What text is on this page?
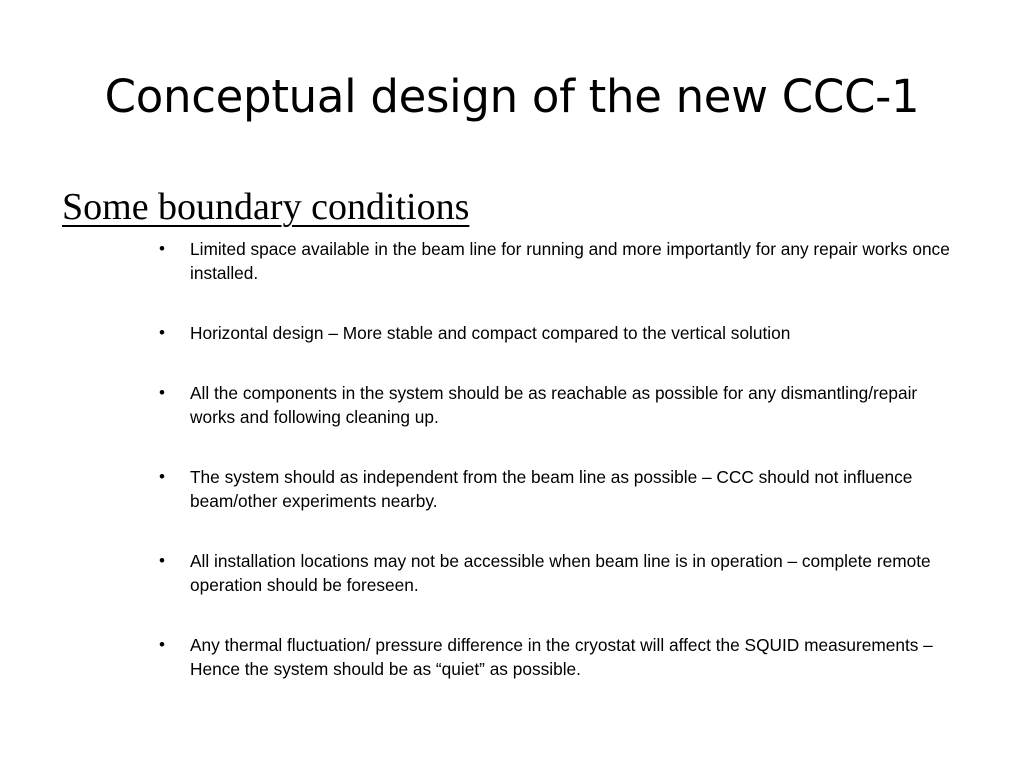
Conceptual design of the new CCC-1
Some boundary conditions
•	Limited space available in the beam line for running and more importantly for any repair works once installed.
•	Horizontal design – More stable and compact compared to the vertical solution
•	All the components in the system should be as reachable as possible for any dismantling/repair works and following cleaning up.
•	The system should as independent from the beam line as possible – CCC should not influence beam/other experiments nearby.
•	All installation locations may not be accessible when beam line is in operation – complete remote operation should be foreseen.
•	Any thermal fluctuation/ pressure difference in the cryostat will affect the SQUID measurements – Hence the system should be as “quiet” as possible.
